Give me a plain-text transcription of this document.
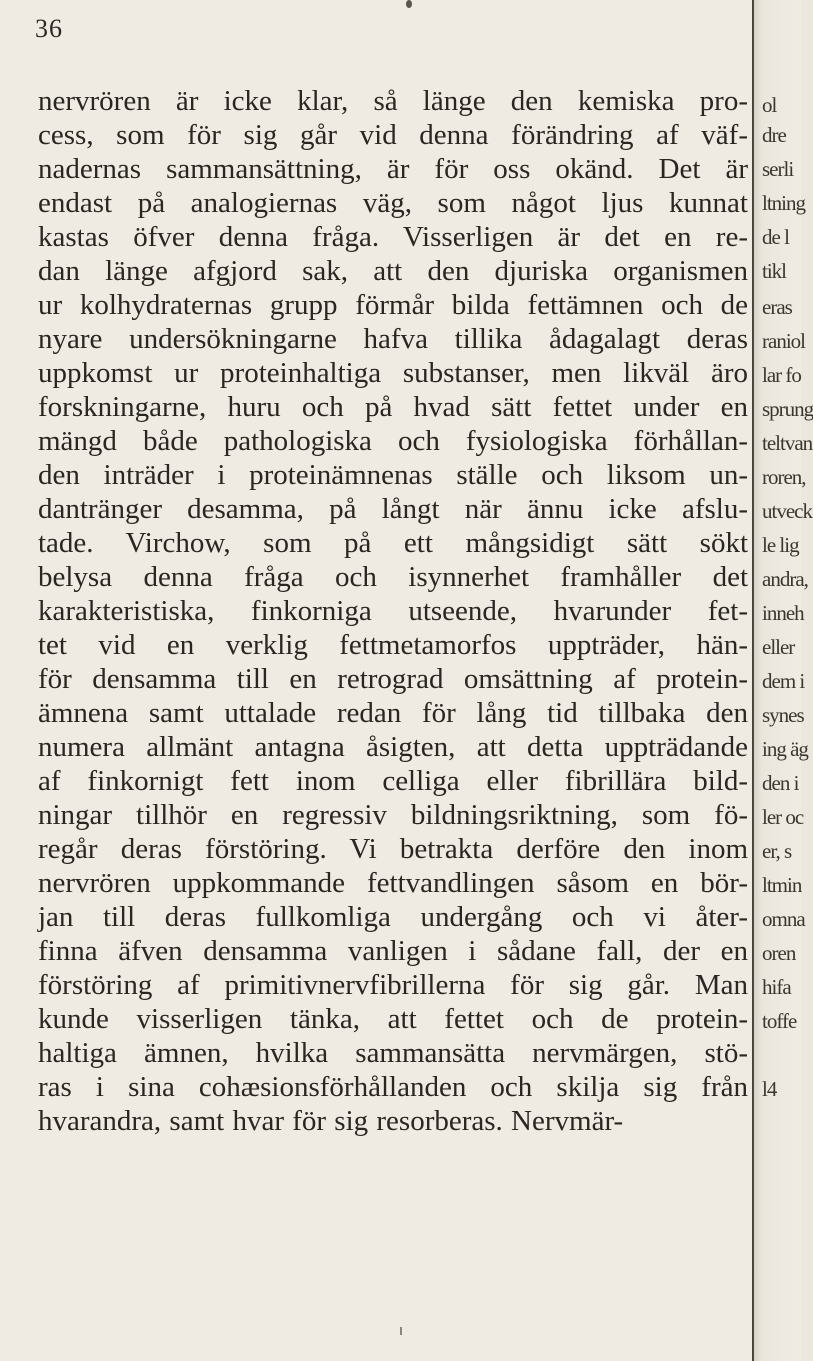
36
nervrören är icke klar, så länge den kemiska pro-
cess, som för sig går vid denna förändring af väf-
nadernas sammansättning, är för oss okänd. Det är
endast på analogiernas väg, som något ljus kunnat
kastas öfver denna fråga. Visserligen är det en re-
dan länge afgjord sak, att den djuriska organismen
ur kolhydraternas grupp förmår bilda fettämnen och de
nyare undersökningarne hafva tillika ådagalagt deras
uppkomst ur proteinhaltiga substanser, men likväl äro
forskningarne, huru och på hvad sätt fettet under en
mängd både pathologiska och fysiologiska förhållan-
den inträder i proteinämnenas ställe och liksom un-
dantränger desamma, på långt när ännu icke afslu-
tade. Virchow, som på ett mångsidigt sätt sökt
belysa denna fråga och isynnerhet framhåller det
karakteristiska, finkorniga utseende, hvarunder fet-
tet vid en verklig fettmetamorfos uppträder, hän-
för densamma till en retrograd omsättning af protein-
ämnena samt uttalade redan för lång tid tillbaka den
numera allmänt antagna åsigten, att detta uppträdande
af finkornigt fett inom celliga eller fibrillära bild-
ningar tillhör en regressiv bildningsriktning, som fö-
regår deras förstöring. Vi betrakta derföre den inom
nervrören uppkommande fettvandlingen såsom en bör-
jan till deras fullkomliga undergång och vi åter-
finna äfven densamma vanligen i sådane fall, der en
förstöring af primitivnervfibrillerna för sig går. Man
kunde visserligen tänka, att fettet och de protein-
haltiga ämnen, hvilka sammansätta nervmärgen, stö-
ras i sina cohæsionsförhållanden och skilja sig från
hvarandra, samt hvar för sig resorberas. Nervmär-
ol
dre
serli
ltning
de l
tikl
eras
raniol
lar fo
sprung
teltvan
roren,
utveck
le lig
andra,
inneh
eller
dem i
synes
ing äg
den i
ler oc
er, s
ltmin
omna
oren
hifa
toffe
l4
